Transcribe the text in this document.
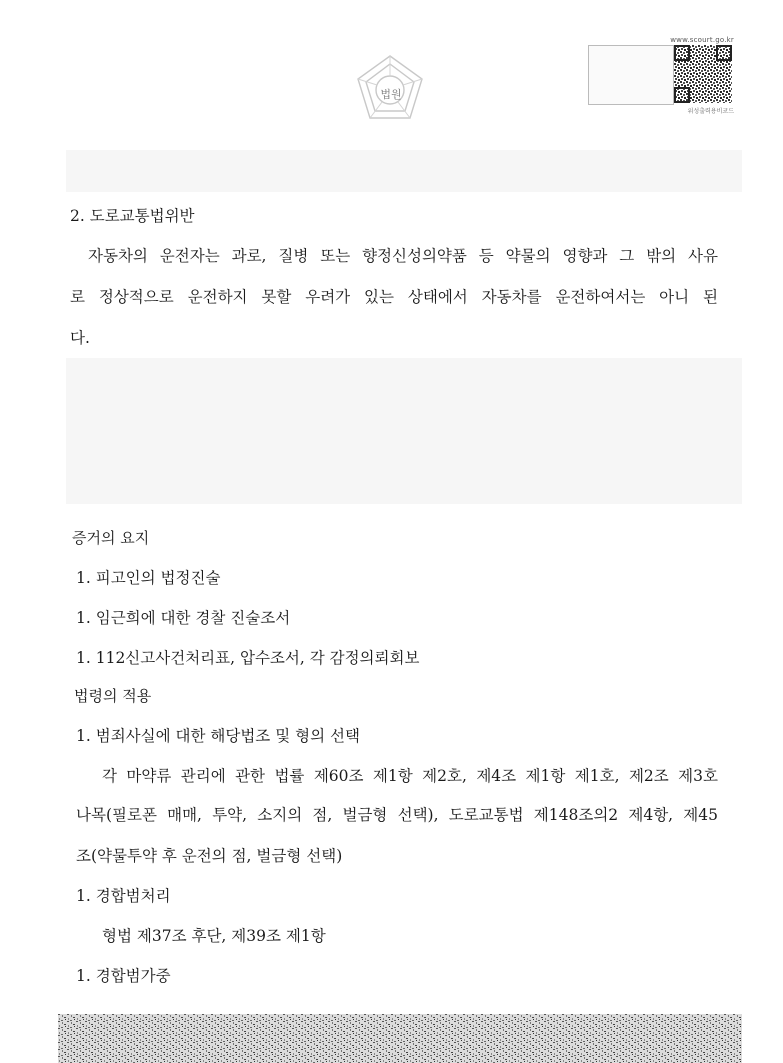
법원
www.scourt.go.kr
위성출력용비코드
2. 도로교통법위반
자동차의 운전자는 과로, 질병 또는 향정신성의약품 등 약물의 영향과 그 밖의 사유
로 정상적으로 운전하지 못할 우려가 있는 상태에서 자동차를 운전하여서는 아니 된
다.
증거의 요지
1. 피고인의 법정진술
1. 임근희에 대한 경찰 진술조서
1. 112신고사건처리표, 압수조서, 각 감정의뢰회보
법령의 적용
1. 범죄사실에 대한 해당법조 및 형의 선택
각 마약류 관리에 관한 법률 제60조 제1항 제2호, 제4조 제1항 제1호, 제2조 제3호
나목(필로폰 매매, 투약, 소지의 점, 벌금형 선택), 도로교통법 제148조의2 제4항, 제45
조(약물투약 후 운전의 점, 벌금형 선택)
1. 경합범처리
형법 제37조 후단, 제39조 제1항
1. 경합범가중
